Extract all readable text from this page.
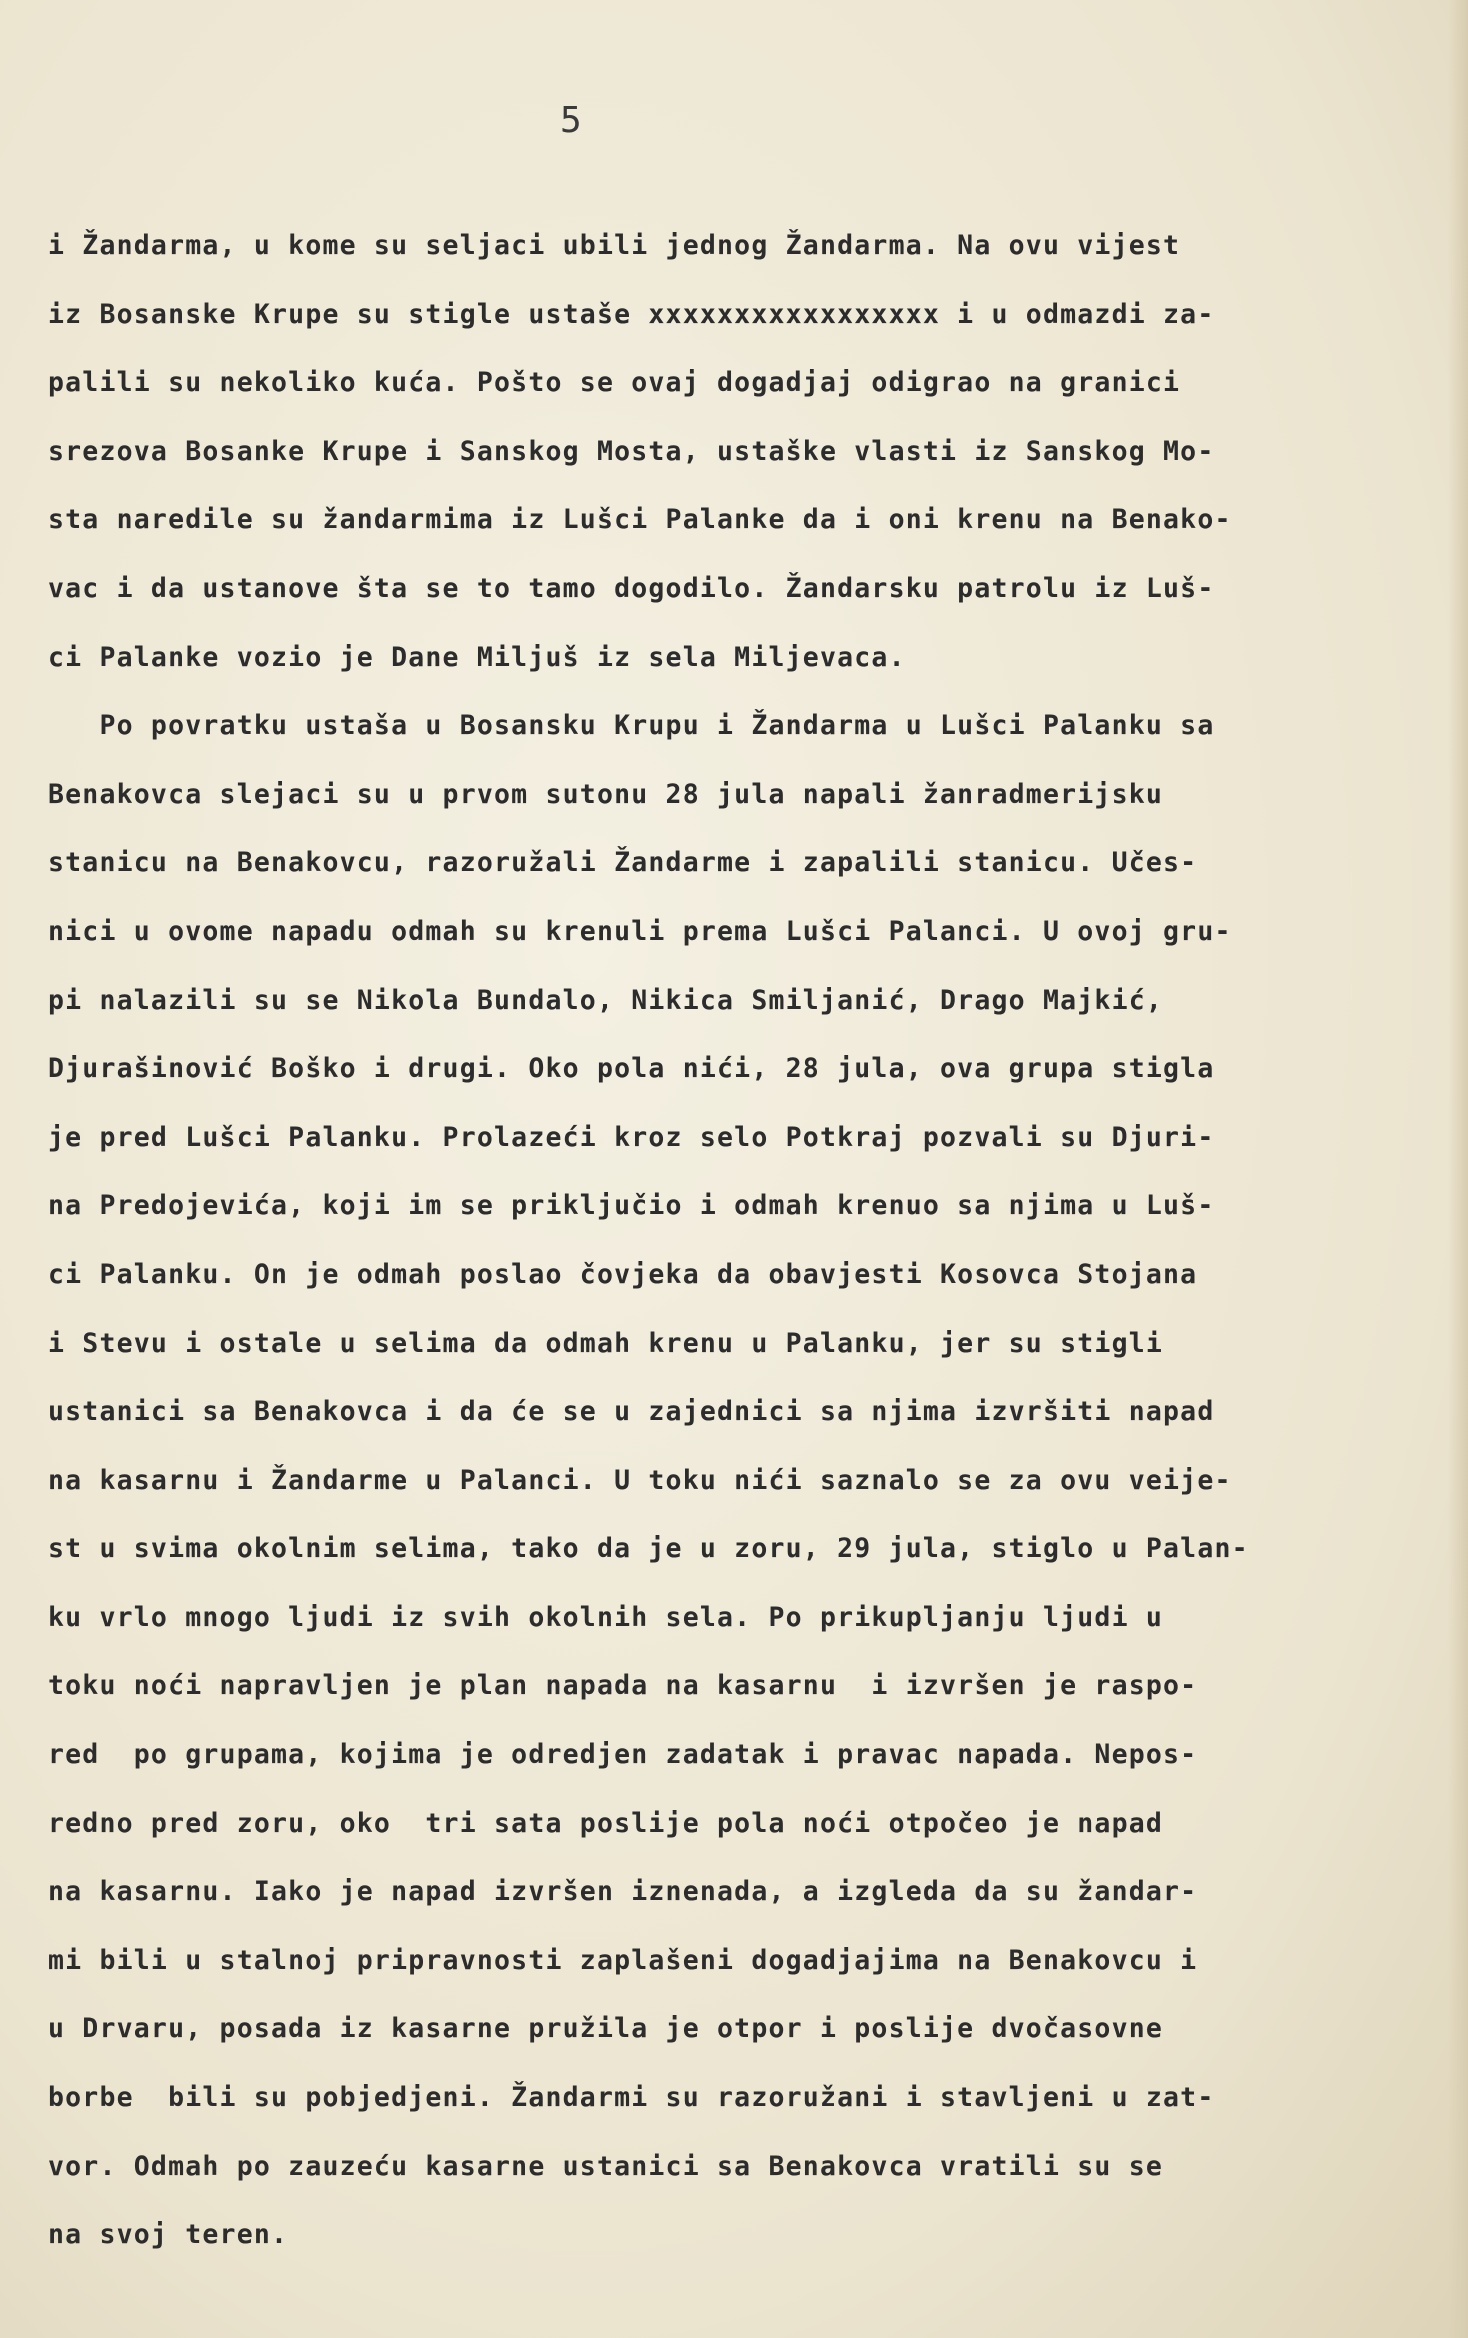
5
i Žandarma, u kome su seljaci ubili jednog Žandarma. Na ovu vijest
iz Bosanske Krupe su stigle ustaše xxxxxxxxxxxxxxxxx i u odmazdi za-
palili su nekoliko kuća. Pošto se ovaj dogadjaj odigrao na granici
srezova Bosanke Krupe i Sanskog Mosta, ustaške vlasti iz Sanskog Mo-
sta naredile su žandarmima iz Lušci Palanke da i oni krenu na Benako-
vac i da ustanove šta se to tamo dogodilo. Žandarsku patrolu iz Luš-
ci Palanke vozio je Dane Miljuš iz sela Miljevaca.
Po povratku ustaša u Bosansku Krupu i Žandarma u Lušci Palanku sa
Benakovca slejaci su u prvom sutonu 28 jula napali žanradmerijsku
stanicu na Benakovcu, razoružali Žandarme i zapalili stanicu. Učes-
nici u ovome napadu odmah su krenuli prema Lušci Palanci. U ovoj gru-
pi nalazili su se Nikola Bundalo, Nikica Smiljanić, Drago Majkić,
Djurašinović Boško i drugi. Oko pola nići, 28 jula, ova grupa stigla
je pred Lušci Palanku. Prolazeći kroz selo Potkraj pozvali su Djuri-
na Predojevića, koji im se priključio i odmah krenuo sa njima u Luš-
ci Palanku. On je odmah poslao čovjeka da obavjesti Kosovca Stojana
i Stevu i ostale u selima da odmah krenu u Palanku, jer su stigli
ustanici sa Benakovca i da će se u zajednici sa njima izvršiti napad
na kasarnu i Žandarme u Palanci. U toku nići saznalo se za ovu veije-
st u svima okolnim selima, tako da je u zoru, 29 jula, stiglo u Palan-
ku vrlo mnogo ljudi iz svih okolnih sela. Po prikupljanju ljudi u
toku noći napravljen je plan napada na kasarnu  i izvršen je raspo-
red  po grupama, kojima je odredjen zadatak i pravac napada. Nepos-
redno pred zoru, oko  tri sata poslije pola noći otpočeo je napad
na kasarnu. Iako je napad izvršen iznenada, a izgleda da su žandar-
mi bili u stalnoj pripravnosti zaplašeni dogadjajima na Benakovcu i
u Drvaru, posada iz kasarne pružila je otpor i poslije dvočasovne
borbe  bili su pobjedjeni. Žandarmi su razoružani i stavljeni u zat-
vor. Odmah po zauzeću kasarne ustanici sa Benakovca vratili su se
na svoj teren.
